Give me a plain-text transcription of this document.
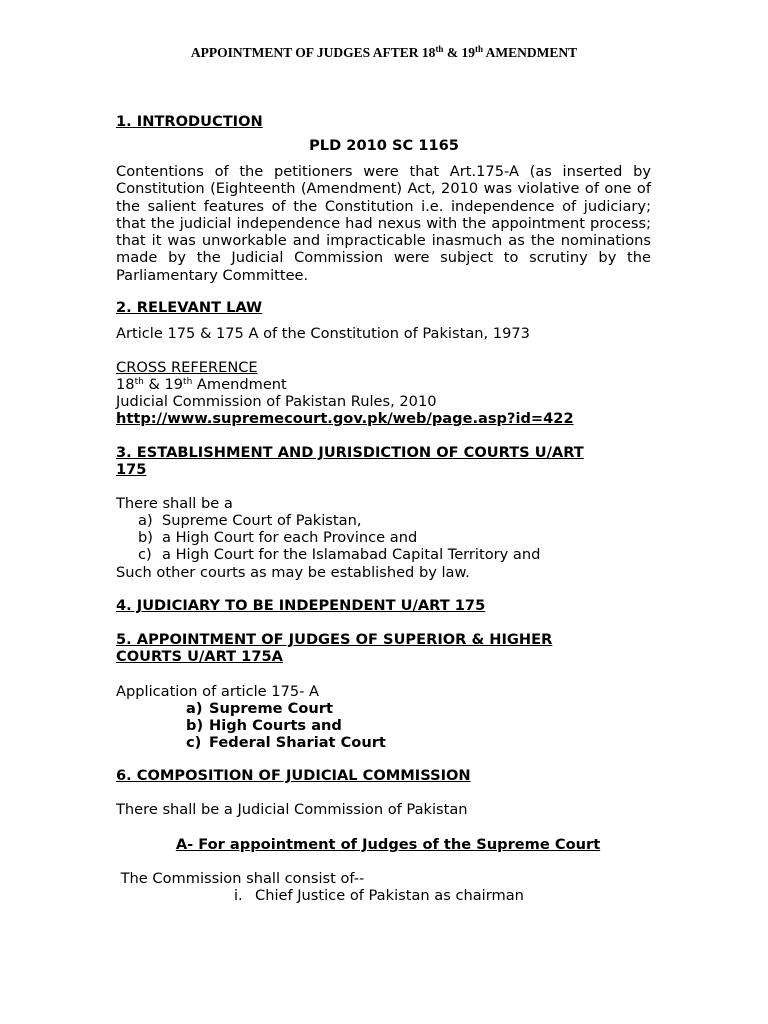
APPOINTMENT OF JUDGES AFTER 18th & 19th AMENDMENT
1. INTRODUCTION
PLD 2010 SC 1165
Contentions of the petitioners were that Art.175-A (as inserted by Constitution (Eighteenth (Amendment) Act, 2010 was violative of one of the salient features of the Constitution i.e. independence of judiciary; that the judicial independence had nexus with the appointment process; that it was unworkable and impracticable inasmuch as the nominations made by the Judicial Commission were subject to scrutiny by the Parliamentary Committee.
2. RELEVANT LAW
Article 175 & 175 A of the Constitution of Pakistan, 1973
CROSS REFERENCE
18th & 19th Amendment
Judicial Commission of Pakistan Rules, 2010
http://www.supremecourt.gov.pk/web/page.asp?id=422
3. ESTABLISHMENT AND JURISDICTION OF COURTS U/ART
175
There shall be a
a) Supreme Court of Pakistan,
b) a High Court for each Province and
c) a High Court for the Islamabad Capital Territory and
Such other courts as may be established by law.
4. JUDICIARY TO BE INDEPENDENT U/ART 175
5. APPOINTMENT OF JUDGES OF SUPERIOR & HIGHER
COURTS U/ART 175A
Application of article 175- A
a) Supreme Court
b) High Courts and
c) Federal Shariat Court
6. COMPOSITION OF JUDICIAL COMMISSION
There shall be a Judicial Commission of Pakistan
A- For appointment of Judges of the Supreme Court
The Commission shall consist of--
i. Chief Justice of Pakistan as chairman
